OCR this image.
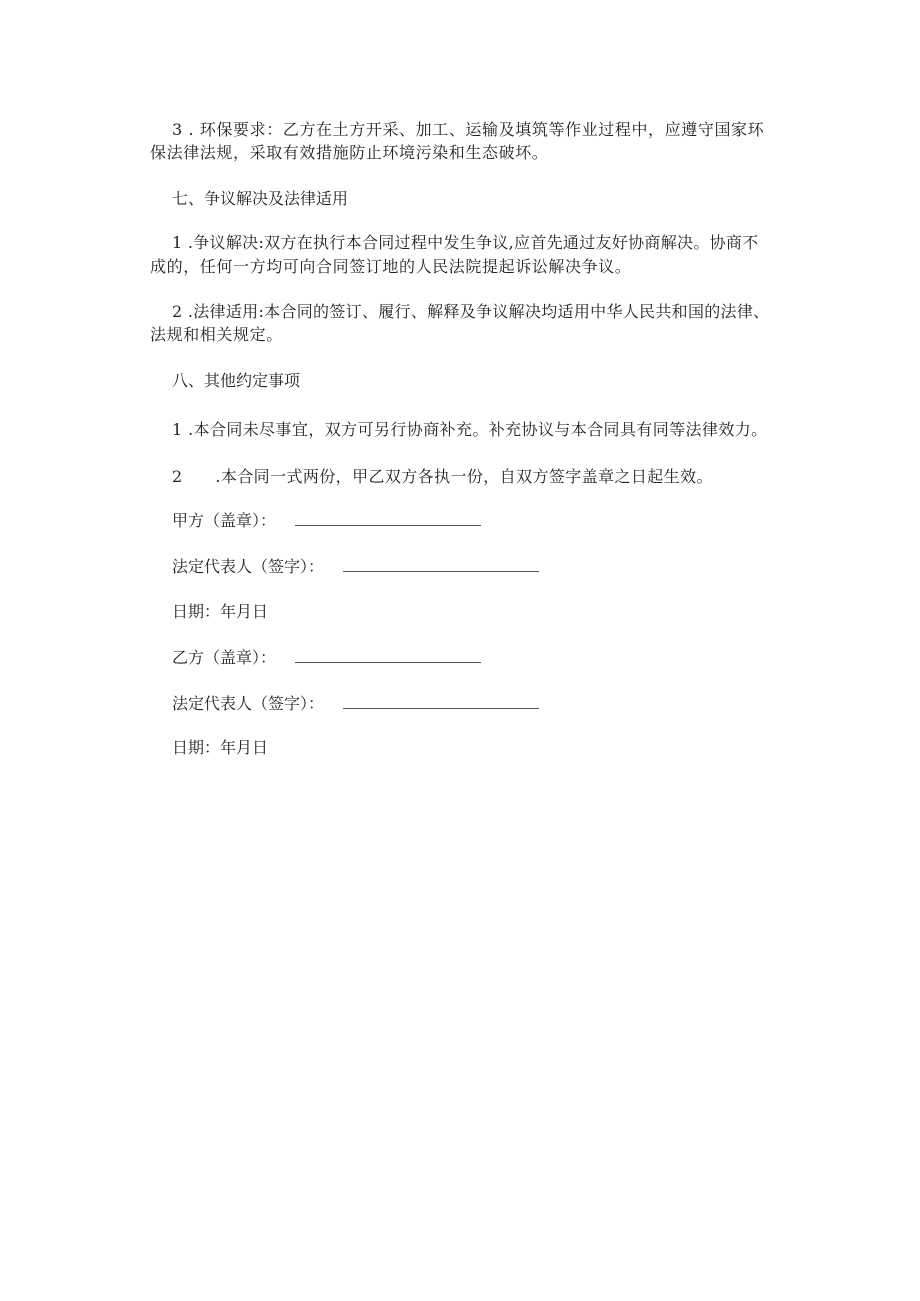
3 . 环保要求：乙方在土方开采、加工、运输及填筑等作业过程中，应遵守国家环
保法律法规，采取有效措施防止环境污染和生态破坏。
七、争议解决及法律适用
1 .争议解决:双方在执行本合同过程中发生争议,应首先通过友好协商解决。协商不
成的，任何一方均可向合同签订地的人民法院提起诉讼解决争议。
2 .法律适用:本合同的签订、履行、解释及争议解决均适用中华人民共和国的法律、
法规和相关规定。
八、其他约定事项
1 .本合同未尽事宜，双方可另行协商补充。补充协议与本合同具有同等法律效力。
2　　.本合同一式两份，甲乙双方各执一份，自双方签字盖章之日起生效。
甲方（盖章）：
法定代表人（签字）：
日期：年月日
乙方（盖章）：
法定代表人（签字）：
日期：年月日
